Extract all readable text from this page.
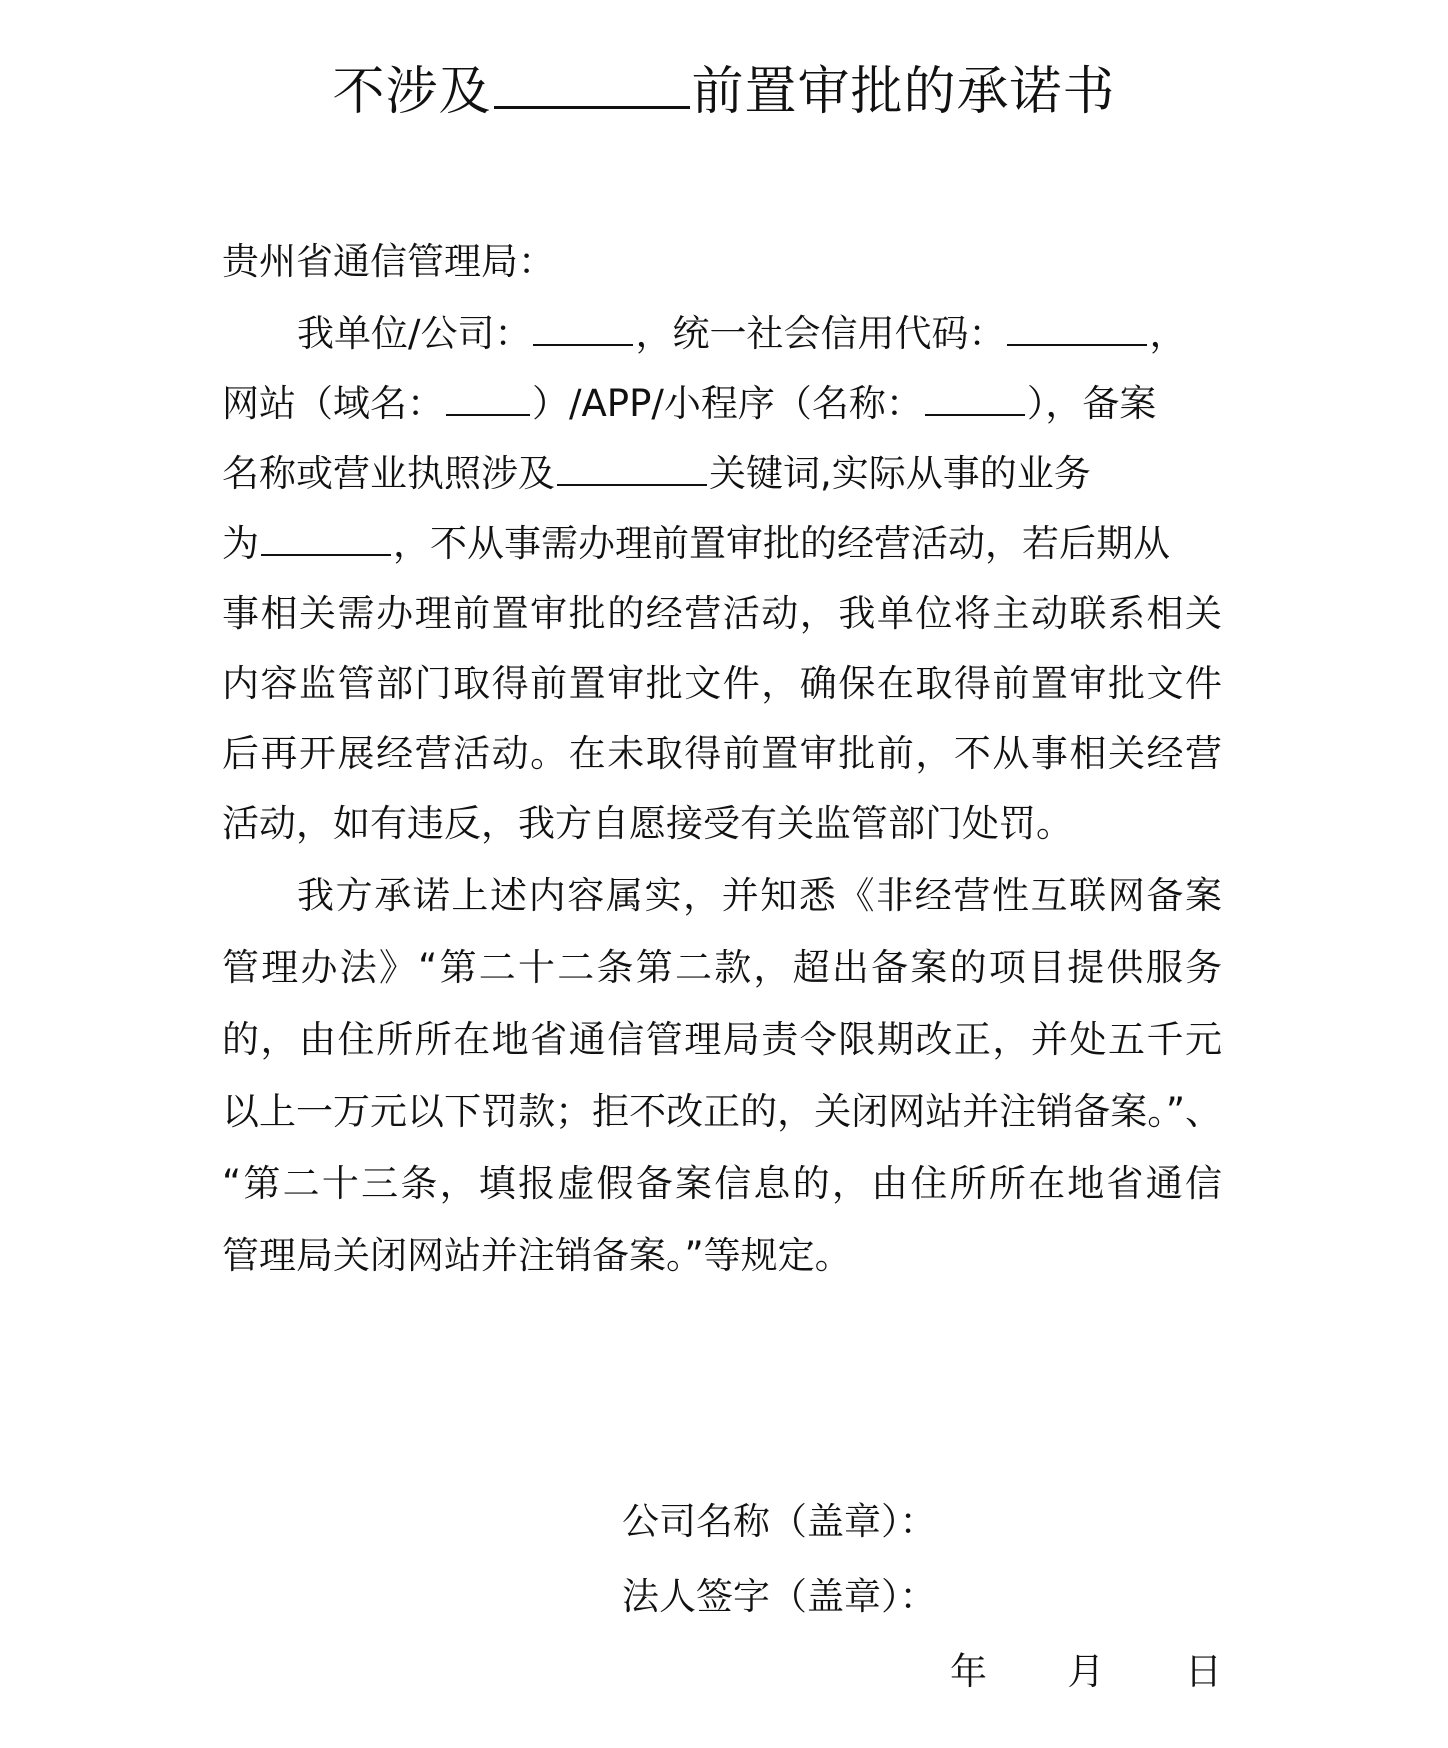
不涉及	前置审批的承诺书
贵州省通信管理局：
我单位/公司：	，统一社会信用代码：	，
网站（域名： ）/APP/小程序（名称：	），备案
名称或营业执照涉及	关键词,实际从事的业务
为	，不从事需办理前置审批的经营活动，若后期从
事相关需办理前置审批的经营活动，我单位将主动联系相关
内容监管部门取得前置审批文件，确保在取得前置审批文件
后再开展经营活动。在未取得前置审批前，不从事相关经营
活动，如有违反，我方自愿接受有关监管部门处罚。
我方承诺上述内容属实，并知悉《非经营性互联网备案
管理办法》“第二十二条第二款，超出备案的项目提供服务
的，由住所所在地省通信管理局责令限期改正，并处五千元
以上一万元以下罚款；拒不改正的，关闭网站并注销备案。”、
“第二十三条，填报虚假备案信息的，由住所所在地省通信
管理局关闭网站并注销备案。”等规定。
公司名称（盖章）：
法人签字（盖章）：
年 月 日
